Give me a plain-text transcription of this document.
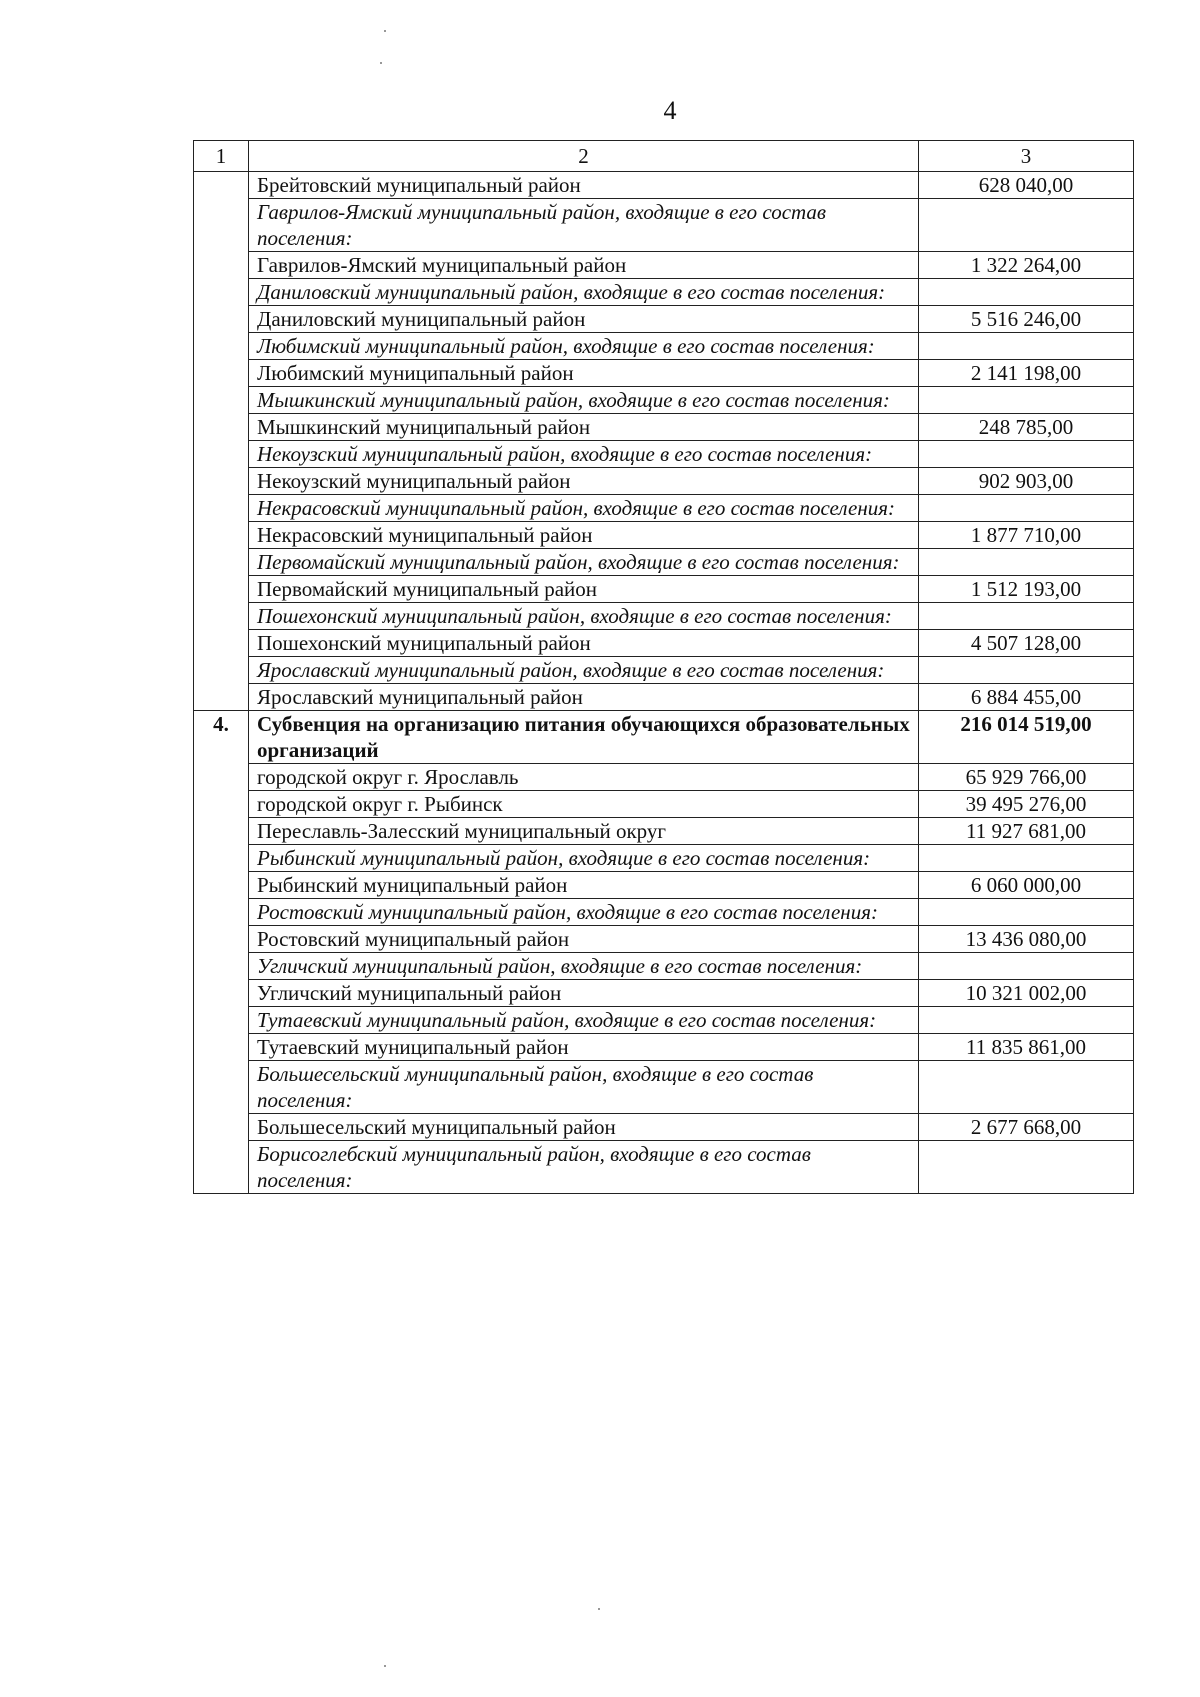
4
1	2	3
	Брейтовский муниципальный район	628 040,00
	Гаврилов-Ямский муниципальный район, входящие в его состав поселения:	
	Гаврилов-Ямский муниципальный район	1 322 264,00
	Даниловский муниципальный район, входящие в его состав поселения:	
	Даниловский муниципальный район	5 516 246,00
	Любимский муниципальный район, входящие в его состав поселения:	
	Любимский муниципальный район	2 141 198,00
	Мышкинский муниципальный район, входящие в его состав поселения:	
	Мышкинский муниципальный район	248 785,00
	Некоузский муниципальный район, входящие в его состав поселения:	
	Некоузский муниципальный район	902 903,00
	Некрасовский муниципальный район, входящие в его состав поселения:	
	Некрасовский муниципальный район	1 877 710,00
	Первомайский муниципальный район, входящие в его состав поселения:	
	Первомайский муниципальный район	1 512 193,00
	Пошехонский муниципальный район, входящие в его состав поселения:	
	Пошехонский муниципальный район	4 507 128,00
	Ярославский муниципальный район, входящие в его состав поселения:	
	Ярославский муниципальный район	6 884 455,00
4.	Субвенция на организацию питания обучающихся образовательных организаций	216 014 519,00
	городской округ г. Ярославль	65 929 766,00
	городской округ г. Рыбинск	39 495 276,00
	Переславль-Залесский муниципальный округ	11 927 681,00
	Рыбинский муниципальный район, входящие в его состав поселения:	
	Рыбинский муниципальный район	6 060 000,00
	Ростовский муниципальный район, входящие в его состав поселения:	
	Ростовский муниципальный район	13 436 080,00
	Угличский муниципальный район, входящие в его состав поселения:	
	Угличский муниципальный район	10 321 002,00
	Тутаевский муниципальный район, входящие в его состав поселения:	
	Тутаевский муниципальный район	11 835 861,00
	Большесельский муниципальный район, входящие в его состав поселения:	
	Большесельский муниципальный район	2 677 668,00
	Борисоглебский муниципальный район, входящие в его состав поселения:	
